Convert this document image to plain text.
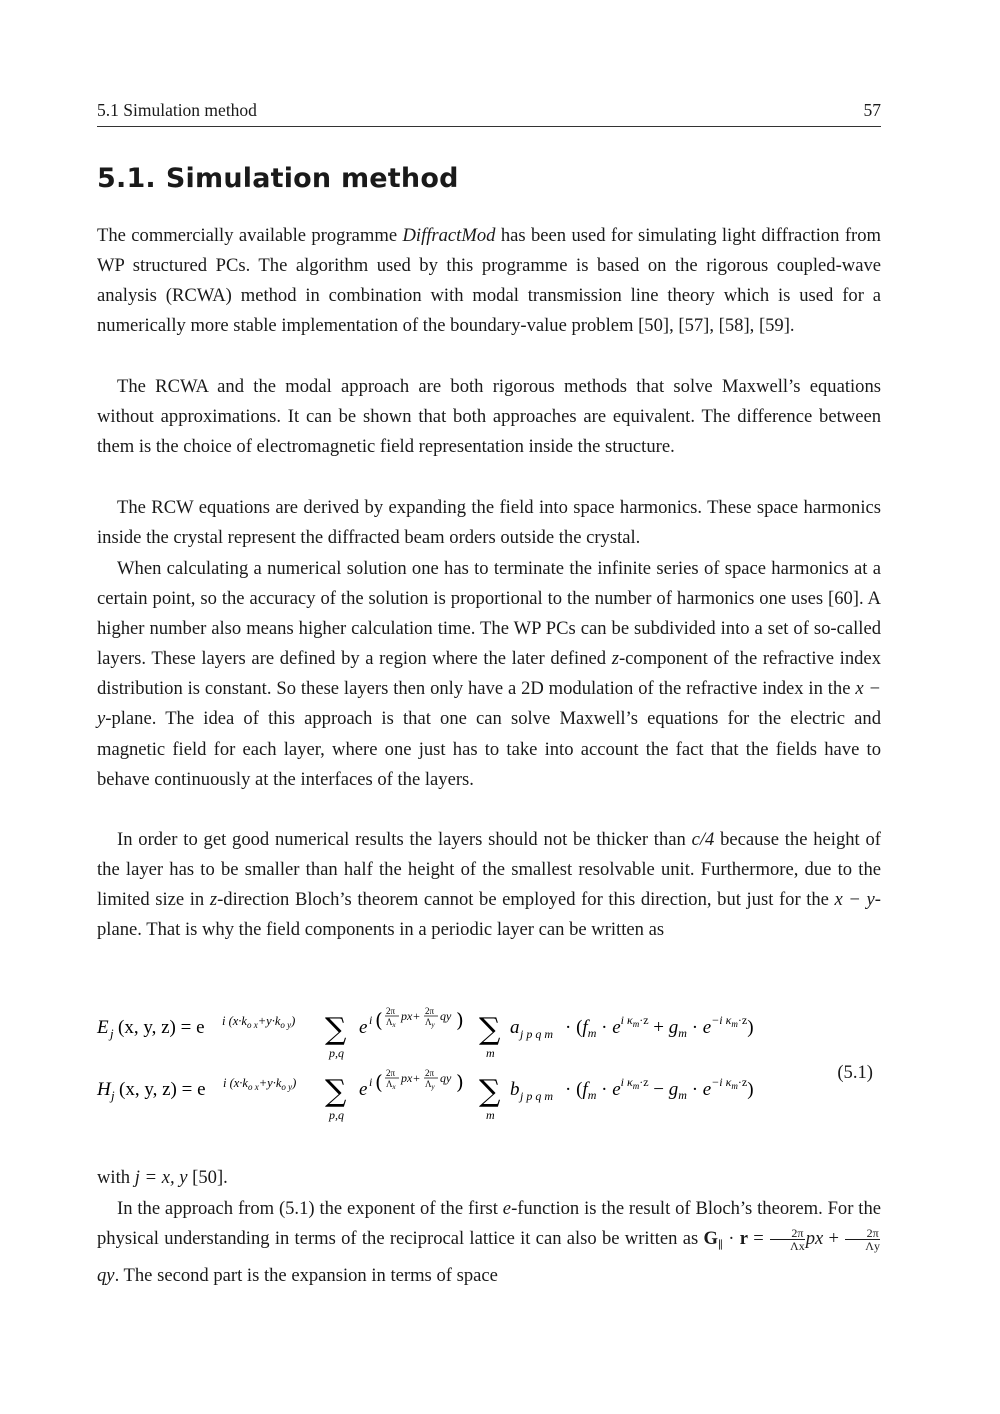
5.1 Simulation method	57
5.1. Simulation method

The commercially available programme DiffractMod has been used for simulating light diffraction from WP structured PCs. The algorithm used by this programme is based on the rigorous coupled-wave analysis (RCWA) method in combination with modal transmission line theory which is used for a numerically more stable implementation of the boundary-value problem [50], [57], [58], [59].

The RCWA and the modal approach are both rigorous methods that solve Maxwell’s equations without approximations. It can be shown that both approaches are equivalent. The difference between them is the choice of electromagnetic field representation inside the structure.

The RCW equations are derived by expanding the field into space harmonics. These space harmonics inside the crystal represent the diffracted beam orders outside the crystal.

When calculating a numerical solution one has to terminate the infinite series of space harmonics at a certain point, so the accuracy of the solution is proportional to the number of harmonics one uses [60]. A higher number also means higher calculation time. The WP PCs can be subdivided into a set of so-called layers. These layers are defined by a region where the later defined z-component of the refractive index distribution is constant. So these layers then only have a 2D modulation of the refractive index in the x − y-plane. The idea of this approach is that one can solve Maxwell’s equations for the electric and magnetic field for each layer, where one just has to take into account the fact that the fields have to behave continuously at the interfaces of the layers.

In order to get good numerical results the layers should not be thicker than c/4 because the height of the layer has to be smaller than half the height of the smallest resolvable unit. Furthermore, due to the limited size in z-direction Bloch’s theorem cannot be employed for this direction, but just for the x − y-plane. That is why the field components in a periodic layer can be written as

E j (x, y, z) = e i $(x\cdot k_{o x}+y\cdot k_{o y})$ ∑
p,q
e i ( 2π
$\Lambda_x$
px+ 2π
$\Lambda_y$
qy ) ∑
m
a j p q $m \cdot (f_m \cdot e^{i \kappa}m\cdot z + g_m \cdot e^{-i \kappa}m\cdot z)$
H j (x, y, z) = e i $(x\cdot k_{o x}+y\cdot k_{o y})$ ∑
p,q
e i ( 2π
$\Lambda_x$
px+ 2π
$\Lambda_y$
qy ) ∑
m
b j p q $m \cdot (f_m \cdot e^{i \kappa}m\cdot z - g_m \cdot e^{-i \kappa}m\cdot z)$
(5.1)

with j = x, y [50].

In the approach from (5.1) the exponent of the first e-function is the result of Bloch’s theorem. For the physical understanding in terms of the reciprocal lattice it can also be written as $G_\parallel \cdot r = \frac{2\pi}{\Lambda x}$ px + $\frac{2\pi}{\Lambda y}$
qy. The second part is the expansion in terms of space
